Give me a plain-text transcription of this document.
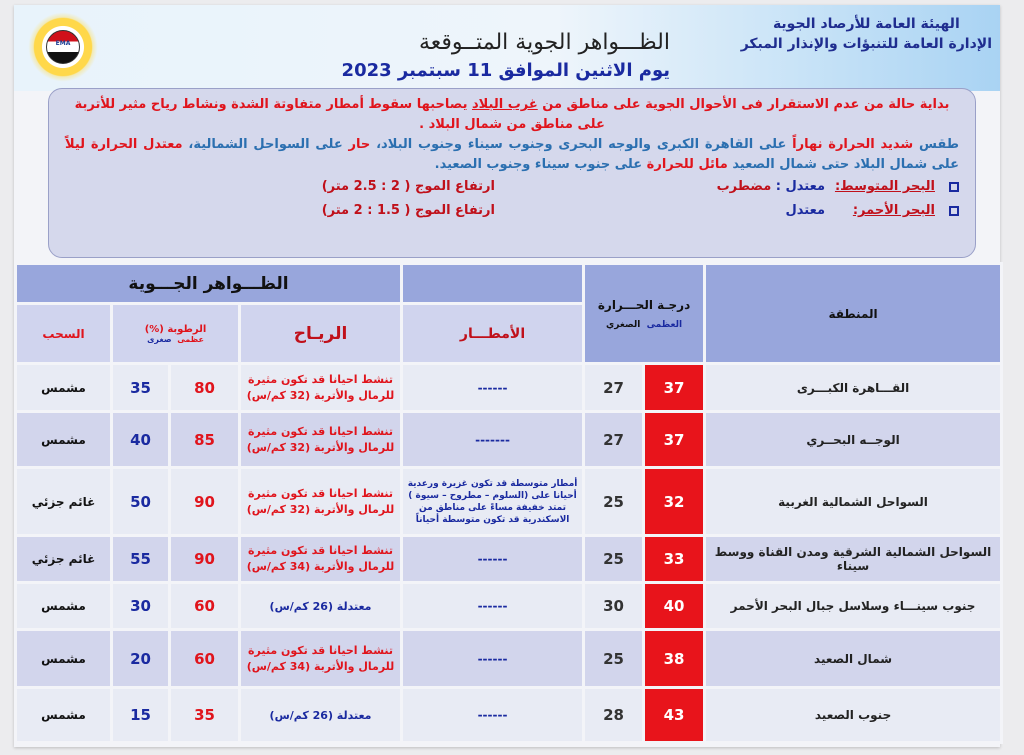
EMA
الهيئة العامة للأرصاد الجوية
الإدارة العامة للتنبؤات والإنذار المبكر
الظـــواهر الجوية المتــوقعة
يوم الاثنين الموافق 11 سبتمبر 2023
بداية حالة من عدم الاستقرار فى الأحوال الجوية على مناطق من غرب البلاد يصاحبها سقوط أمطار متفاوتة الشدة ونشاط رياح مثير للأتربة على مناطق من شمال البلاد .
طقس شديد الحرارة نهاراً على القاهرة الكبرى والوجه البحرى وجنوب سيناء وجنوب البلاد، حار على السواحل الشمالية، معتدل الحرارة ليلاً على شمال البلاد حتى شمال الصعيد مائل للحرارة على جنوب سيناء وجنوب الصعيد.
البحر المتوسط:
معتدل : مضطرب
ارتفاع الموج ( 2 : 2.5 متر)
البحر الأحمر:
معتدل
ارتفاع الموج ( 1.5 : 2 متر)
الظـــواهر الجـــوية					درجـة الحـــرارة
العظمى  الصغري		المنطقة
السحب	الرطوبة (%)
عظمى  صغرى		الريـاح	الأمطـــار			
مشمس	35	80	تنشط احيانا قد تكون مثيرة للرمال والأتربة (32 كم/س)	------	27	37	القـــاهرة الكبـــرى
مشمس	40	85	تنشط احيانا قد تكون مثيرة للرمال والأتربة (32 كم/س)	-------	27	37	الوجــه البحــري
غائم جزئي	50	90	تنشط احيانا قد تكون مثيرة للرمال والأتربة (32 كم/س)	أمطار متوسطة قد تكون غزيرة ورعدية أحيانا على (السلوم – مطروح – سيوة ) تمتد خفيفة مساءً على مناطق من الاسكندرية قد تكون متوسطة أحياناً	25	32	السواحل الشمالية الغربية
غائم جزئي	55	90	تنشط احيانا قد تكون مثيرة للرمال والأتربة (34 كم/س)	------	25	33	السواحل الشمالية الشرقية ومدن القناة ووسط سيناء
مشمس	30	60	معتدلة (26 كم/س)	------	30	40	جنوب سينـــاء وسلاسل جبال البحر الأحمر
مشمس	20	60	تنشط احيانا قد تكون مثيرة للرمال والأتربة (34 كم/س)	------	25	38	شمال الصعيد
مشمس	15	35	معتدلة (26 كم/س)	------	28	43	جنوب الصعيد
